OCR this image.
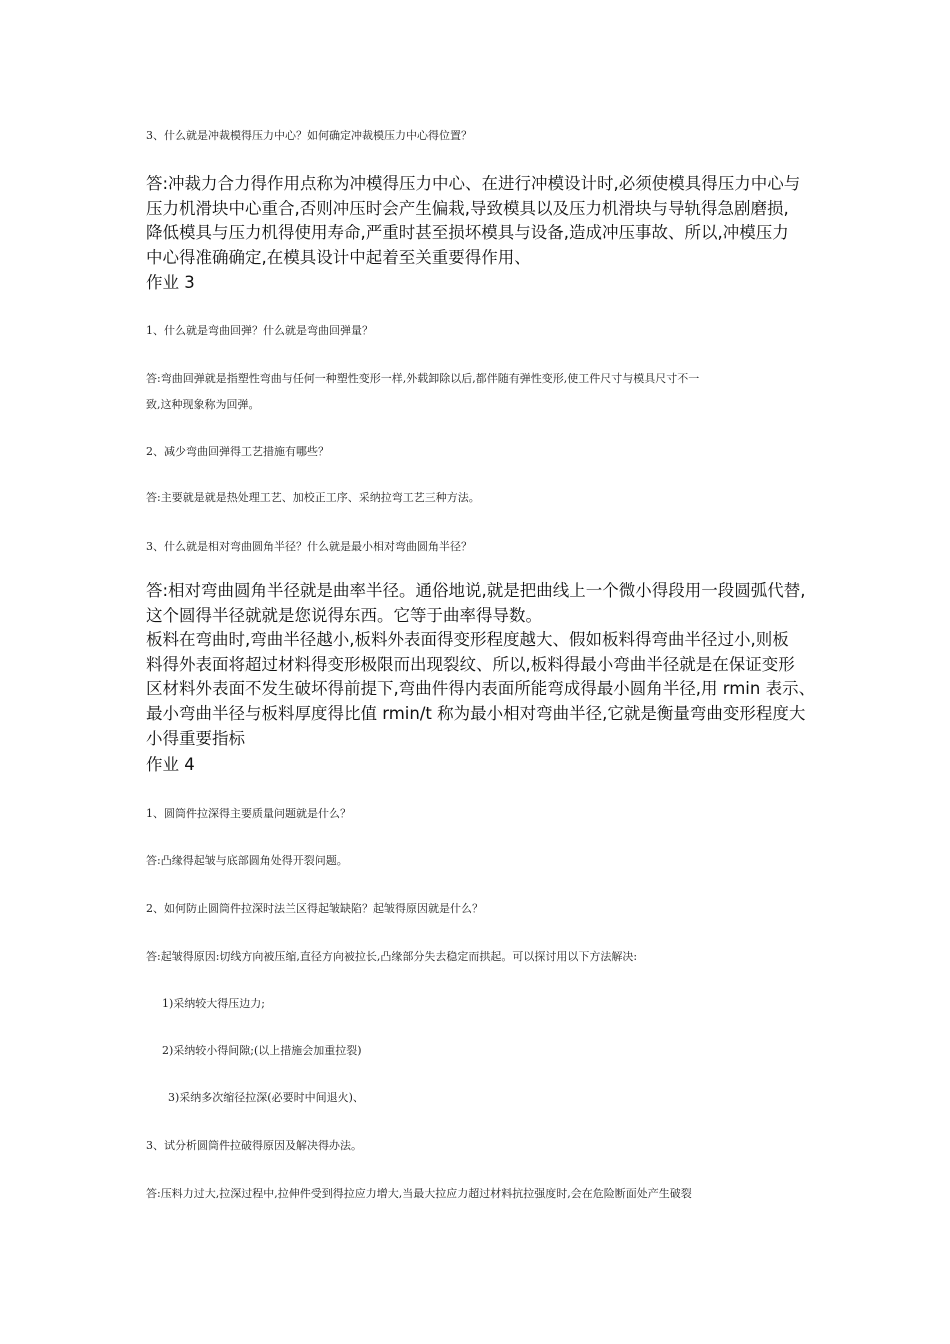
3、什么就是冲裁模得压力中心？如何确定冲裁模压力中心得位置？
答:冲裁力合力得作用点称为冲模得压力中心、在进行冲模设计时,必须使模具得压力中心与
压力机滑块中心重合,否则冲压时会产生偏栽,导致模具以及压力机滑块与导轨得急剧磨损,
降低模具与压力机得使用寿命,严重时甚至损坏模具与设备,造成冲压事故、所以,冲模压力
中心得准确确定,在模具设计中起着至关重要得作用、
作业 3
1、什么就是弯曲回弹？什么就是弯曲回弹量？
答:弯曲回弹就是指塑性弯曲与任何一种塑性变形一样,外载卸除以后,都伴随有弹性变形,使工件尺寸与模具尺寸不一
致,这种现象称为回弹。
2、减少弯曲回弹得工艺措施有哪些？
答:主要就是就是热处理工艺、加校正工序、采纳拉弯工艺三种方法。
3、什么就是相对弯曲圆角半径？什么就是最小相对弯曲圆角半径？
答:相对弯曲圆角半径就是曲率半径。通俗地说,就是把曲线上一个微小得段用一段圆弧代替,
这个圆得半径就就是您说得东西。它等于曲率得导数。
板料在弯曲时,弯曲半径越小,板料外表面得变形程度越大、假如板料得弯曲半径过小,则板
料得外表面将超过材料得变形极限而出现裂纹、所以,板料得最小弯曲半径就是在保证变形
区材料外表面不发生破坏得前提下,弯曲件得内表面所能弯成得最小圆角半径,用 rmin 表示、
最小弯曲半径与板料厚度得比值 rmin/t 称为最小相对弯曲半径,它就是衡量弯曲变形程度大
小得重要指标
作业 4
1、圆筒件拉深得主要质量问题就是什么？
答:凸缘得起皱与底部圆角处得开裂问题。
2、如何防止圆筒件拉深时法兰区得起皱缺陷？起皱得原因就是什么？
答:起皱得原因:切线方向被压缩,直径方向被拉长,凸缘部分失去稳定而拱起。可以探讨用以下方法解决:
1)采纳较大得压边力;
2)采纳较小得间隙;(以上措施会加重拉裂)
3)采纳多次缩径拉深(必要时中间退火)、
3、试分析圆筒件拉破得原因及解决得办法。
答:压料力过大,拉深过程中,拉伸件受到得拉应力增大,当最大拉应力超过材料抗拉强度时,会在危险断面处产生破裂
